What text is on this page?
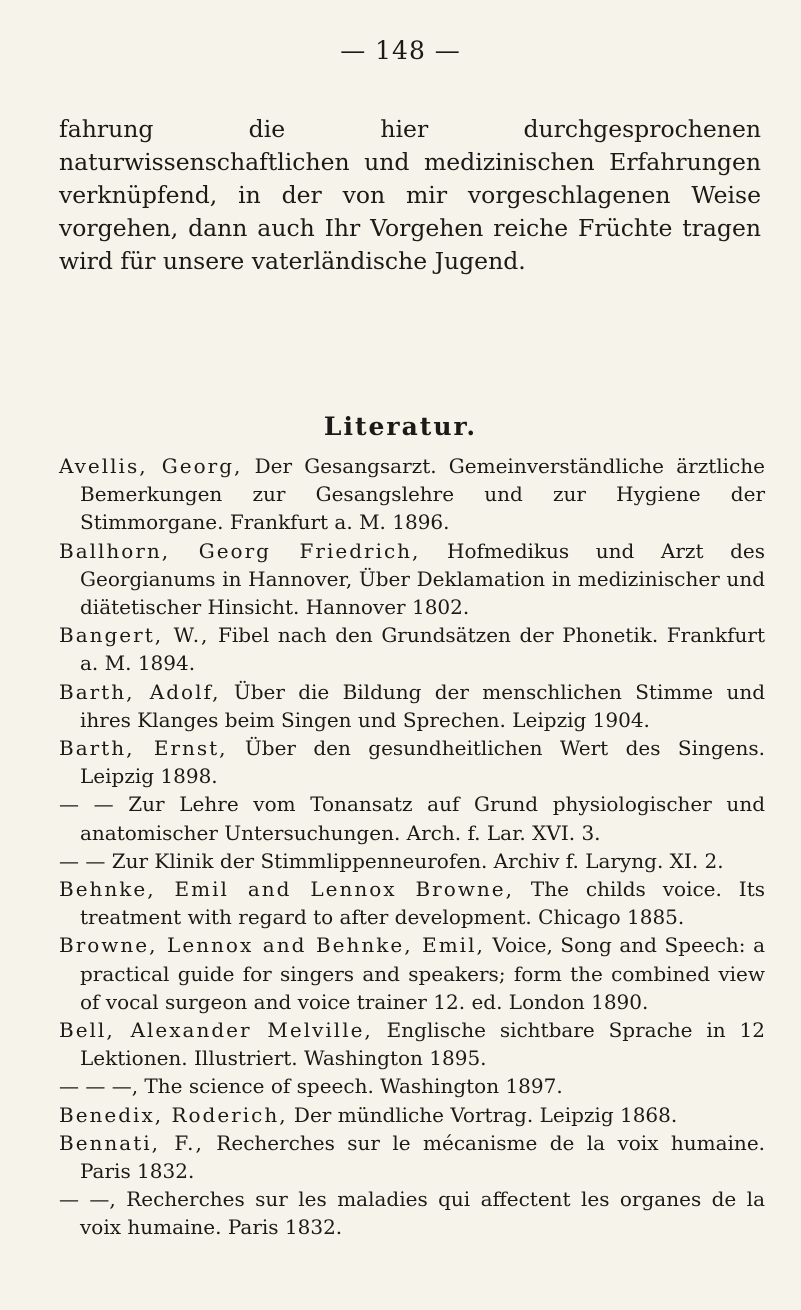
— 148 —

fahrung die hier durchgesprochenen naturwissenschaftlichen und medizinischen Erfahrungen verknüpfend, in der von mir vorgeschlagenen Weise vorgehen, dann auch Ihr Vorgehen reiche Früchte tragen wird für unsere vaterländische Jugend.

Literatur.

Avellis, Georg, Der Gesangsarzt. Gemeinverständliche ärztliche Bemerkungen zur Gesangslehre und zur Hygiene der Stimmorgane. Frankfurt a. M. 1896.

Ballhorn, Georg Friedrich, Hofmedikus und Arzt des Georgianums in Hannover, Über Deklamation in medizinischer und diätetischer Hinsicht. Hannover 1802.

Bangert, W., Fibel nach den Grundsätzen der Phonetik. Frankfurt a. M. 1894.

Barth, Adolf, Über die Bildung der menschlichen Stimme und ihres Klanges beim Singen und Sprechen. Leipzig 1904.

Barth, Ernst, Über den gesundheitlichen Wert des Singens. Leipzig 1898.

— — Zur Lehre vom Tonansatz auf Grund physiologischer und anatomischer Untersuchungen. Arch. f. Lar. XVI. 3.

— — Zur Klinik der Stimmlippenneurofen. Archiv f. Laryng. XI. 2.

Behnke, Emil and Lennox Browne, The childs voice. Its treatment with regard to after development. Chicago 1885.

Browne, Lennox and Behnke, Emil, Voice, Song and Speech: a practical guide for singers and speakers; form the combined view of vocal surgeon and voice trainer 12. ed. London 1890.

Bell, Alexander Melville, Englische sichtbare Sprache in 12 Lektionen. Illustriert. Washington 1895.

— — —, The science of speech. Washington 1897.

Benedix, Roderich, Der mündliche Vortrag. Leipzig 1868.

Bennati, F., Recherches sur le mécanisme de la voix humaine. Paris 1832.

— —, Recherches sur les maladies qui affectent les organes de la voix humaine. Paris 1832.
